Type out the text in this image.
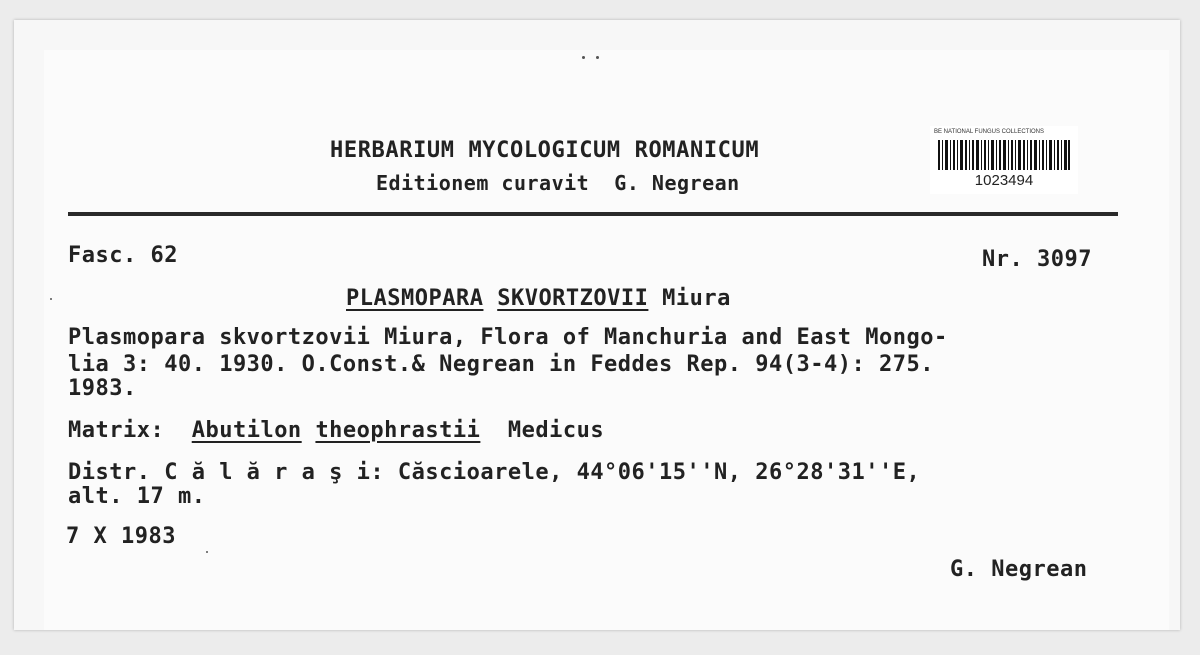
HERBARIUM MYCOLOGICUM ROMANICUM
Editionem curavit  G. Negrean
BE NATIONAL FUNGUS COLLECTIONS
1023494
Fasc. 62	Nr. 3097
PLASMOPARA SKVORTZOVII Miura
Plasmopara skvortzovii Miura, Flora of Manchuria and East Mongo-
lia 3: 40. 1930. O.Const.& Negrean in Feddes Rep. 94(3-4): 275.
1983.
Matrix: Abutilon theophrastii Medicus
Distr. C ă l ă r a ş i: Căscioarele, 44°06'15''N, 26°28'31''E,
alt. 17 m.
7 X 1983
G. Negrean
